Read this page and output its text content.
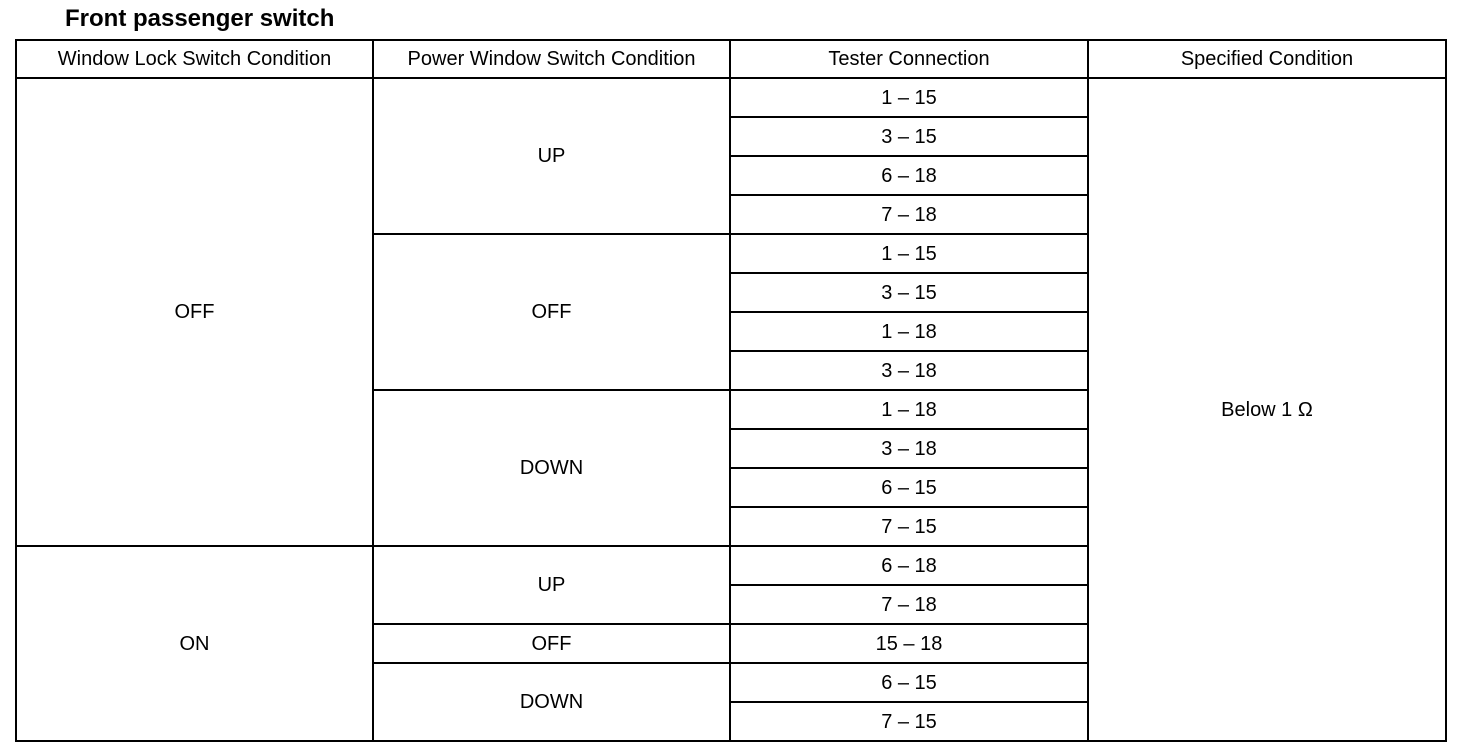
Front passenger switch
Window Lock Switch Condition	Power Window Switch Condition	Tester Connection	Specified Condition
OFF	UP	1 – 15	Below 1 Ω
		3 – 15	
		6 – 18	
		7 – 18	
	OFF	1 – 15	
		3 – 15	
		1 – 18	
		3 – 18	
	DOWN	1 – 18	
		3 – 18	
		6 – 15	
		7 – 15	
ON	UP	6 – 18	
		7 – 18	
	OFF	15 – 18	
	DOWN	6 – 15	
		7 – 15	
